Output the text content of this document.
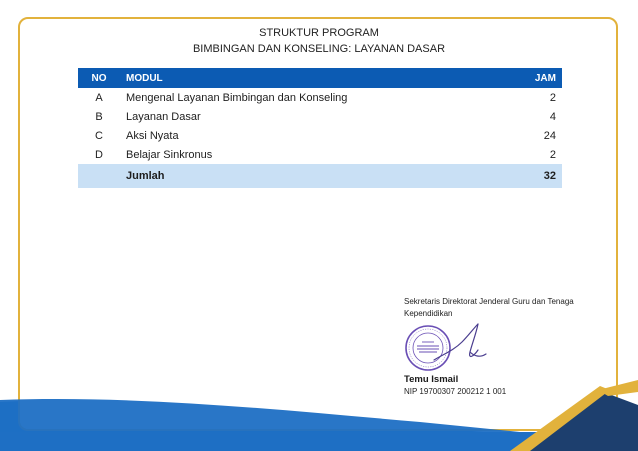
STRUKTUR PROGRAM
BIMBINGAN DAN KONSELING: LAYANAN DASAR
NO	MODUL	JAM
A	Mengenal Layanan Bimbingan dan Konseling	2
B	Layanan Dasar	4
C	Aksi Nyata	24
D	Belajar Sinkronus	2
	Jumlah	32
Sekretaris Direktorat Jenderal Guru dan Tenaga Kependidikan
Temu Ismail
NIP 19700307 200212 1 001
